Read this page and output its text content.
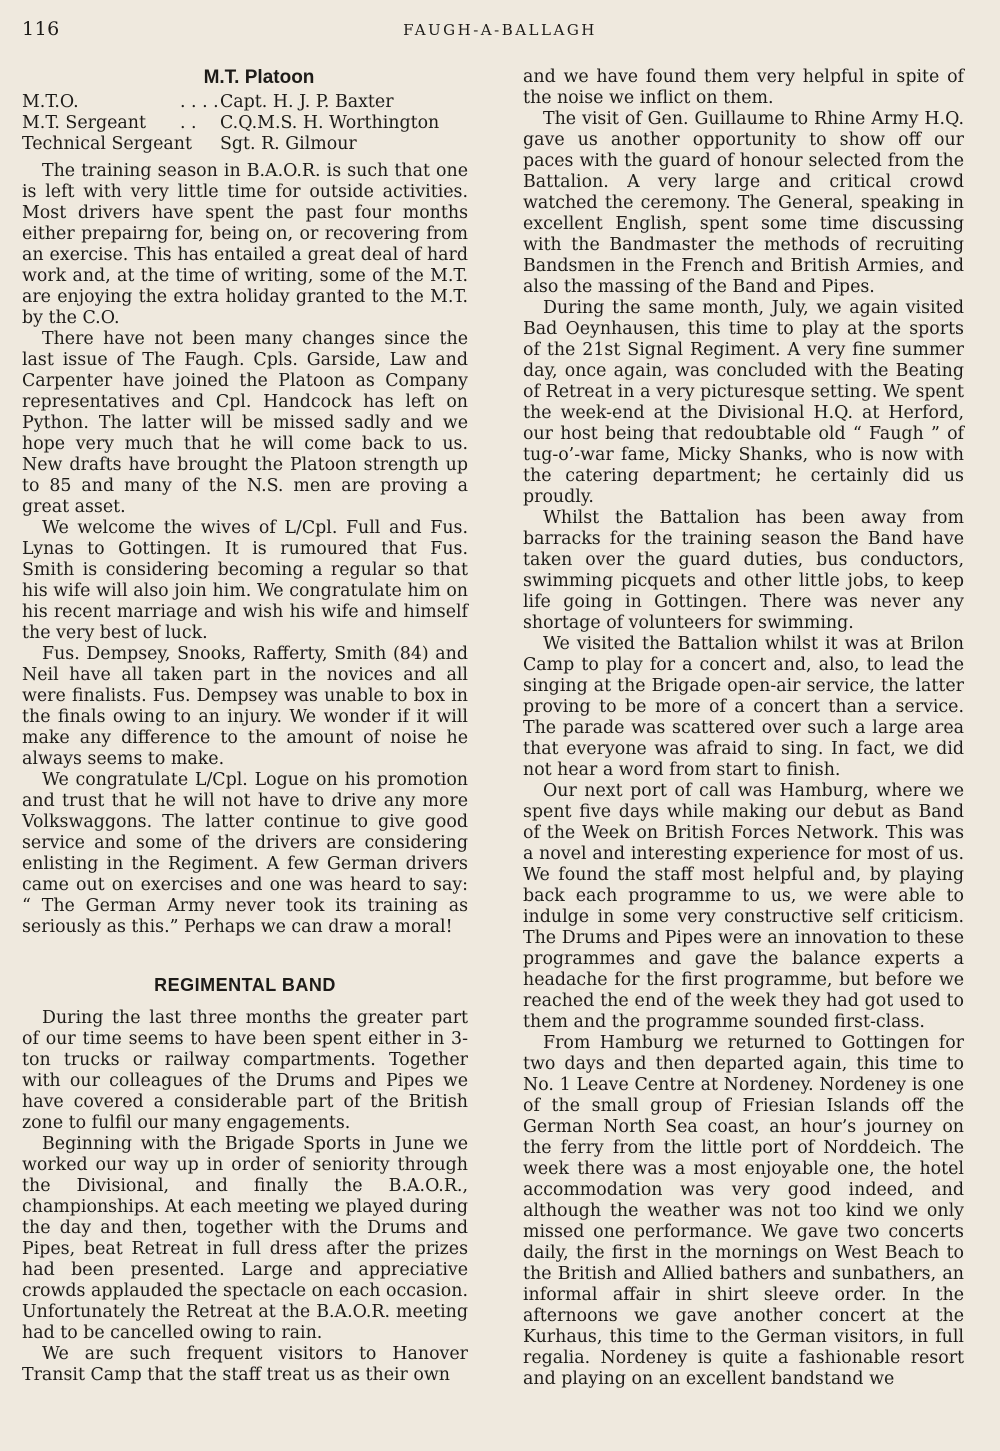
116	FAUGH-A-BALLAGH
M.T. Platoon
M.T.O.	. . . .	Capt. H. J. P. Baxter
M.T. Sergeant	. .	C.Q.M.S. H. Worthington
Technical Sergeant		Sgt. R. Gilmour

The training season in B.A.O.R. is such that one is left with very little time for outside activities. Most drivers have spent the past four months either prepairng for, being on, or recovering from an exercise. This has entailed a great deal of hard work and, at the time of writing, some of the M.T. are enjoying the extra holiday granted to the M.T. by the C.O.

There have not been many changes since the last issue of The Faugh. Cpls. Garside, Law and Carpenter have joined the Platoon as Company representatives and Cpl. Handcock has left on Python. The latter will be missed sadly and we hope very much that he will come back to us. New drafts have brought the Platoon strength up to 85 and many of the N.S. men are proving a great asset.

We welcome the wives of L/Cpl. Full and Fus. Lynas to Gottingen. It is rumoured that Fus. Smith is considering becoming a regular so that his wife will also join him. We congratulate him on his recent marriage and wish his wife and himself the very best of luck.

Fus. Dempsey, Snooks, Rafferty, Smith (84) and Neil have all taken part in the novices and all were finalists. Fus. Dempsey was unable to box in the finals owing to an injury. We wonder if it will make any difference to the amount of noise he always seems to make.

We congratulate L/Cpl. Logue on his promotion and trust that he will not have to drive any more Volkswaggons. The latter continue to give good service and some of the drivers are considering enlisting in the Regiment. A few German drivers came out on exercises and one was heard to say: “ The German Army never took its training as seriously as this.” Perhaps we can draw a moral!

REGIMENTAL BAND

During the last three months the greater part of our time seems to have been spent either in 3-ton trucks or railway compartments. Together with our colleagues of the Drums and Pipes we have covered a considerable part of the British zone to fulfil our many engagements.

Beginning with the Brigade Sports in June we worked our way up in order of seniority through the Divisional, and finally the B.A.O.R., championships. At each meeting we played during the day and then, together with the Drums and Pipes, beat Retreat in full dress after the prizes had been presented. Large and appreciative crowds applauded the spectacle on each occasion. Unfortunately the Retreat at the B.A.O.R. meeting had to be cancelled owing to rain.

We are such frequent visitors to Hanover Transit Camp that the staff treat us as their own

and we have found them very helpful in spite of the noise we inflict on them.

The visit of Gen. Guillaume to Rhine Army H.Q. gave us another opportunity to show off our paces with the guard of honour selected from the Battalion. A very large and critical crowd watched the ceremony. The General, speaking in excellent English, spent some time discussing with the Bandmaster the methods of recruiting Bandsmen in the French and British Armies, and also the massing of the Band and Pipes.

During the same month, July, we again visited Bad Oeynhausen, this time to play at the sports of the 21st Signal Regiment. A very fine summer day, once again, was concluded with the Beating of Retreat in a very picturesque setting. We spent the week-end at the Divisional H.Q. at Herford, our host being that redoubtable old “ Faugh ” of tug-o’-war fame, Micky Shanks, who is now with the catering department; he certainly did us proudly.

Whilst the Battalion has been away from barracks for the training season the Band have taken over the guard duties, bus conductors, swimming picquets and other little jobs, to keep life going in Gottingen. There was never any shortage of volunteers for swimming.

We visited the Battalion whilst it was at Brilon Camp to play for a concert and, also, to lead the singing at the Brigade open-air service, the latter proving to be more of a concert than a service. The parade was scattered over such a large area that everyone was afraid to sing. In fact, we did not hear a word from start to finish.

Our next port of call was Hamburg, where we spent five days while making our debut as Band of the Week on British Forces Network. This was a novel and interesting experience for most of us. We found the staff most helpful and, by playing back each programme to us, we were able to indulge in some very constructive self criticism. The Drums and Pipes were an innovation to these programmes and gave the balance experts a headache for the first programme, but before we reached the end of the week they had got used to them and the programme sounded first-class.

From Hamburg we returned to Gottingen for two days and then departed again, this time to No. 1 Leave Centre at Nordeney. Nordeney is one of the small group of Friesian Islands off the German North Sea coast, an hour’s journey on the ferry from the little port of Norddeich. The week there was a most enjoyable one, the hotel accommodation was very good indeed, and although the weather was not too kind we only missed one performance. We gave two concerts daily, the first in the mornings on West Beach to the British and Allied bathers and sunbathers, an informal affair in shirt sleeve order. In the afternoons we gave another concert at the Kurhaus, this time to the German visitors, in full regalia. Nordeney is quite a fashionable resort and playing on an excellent bandstand we
